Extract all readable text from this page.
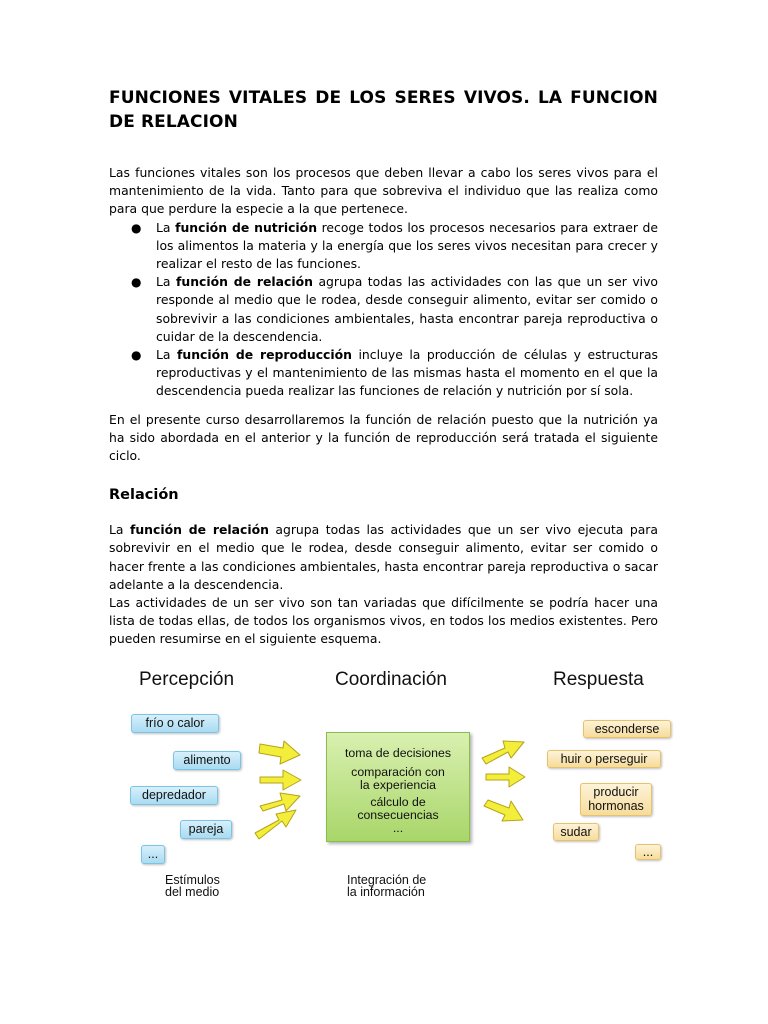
FUNCIONES VITALES DE LOS SERES VIVOS. LA FUNCION DE RELACION

Las funciones vitales son los procesos que deben llevar a cabo los seres vivos para el mantenimiento de la vida. Tanto para que sobreviva el individuo que las realiza como para que perdure la especie a la que pertenece.

● La función de nutrición recoge todos los procesos necesarios para extraer de los alimentos la materia y la energía que los seres vivos necesitan para crecer y realizar el resto de las funciones.
● La función de relación agrupa todas las actividades con las que un ser vivo responde al medio que le rodea, desde conseguir alimento, evitar ser comido o sobrevivir a las condiciones ambientales, hasta encontrar pareja reproductiva o cuidar de la descendencia.
● La función de reproducción incluye la producción de células y estructuras reproductivas y el mantenimiento de las mismas hasta el momento en el que la descendencia pueda realizar las funciones de relación y nutrición por sí sola.

En el presente curso desarrollaremos la función de relación puesto que la nutrición ya ha sido abordada en el anterior y la función de reproducción será tratada el siguiente ciclo.

Relación

La función de relación agrupa todas las actividades que un ser vivo ejecuta para sobrevivir en el medio que le rodea, desde conseguir alimento, evitar ser comido o hacer frente a las condiciones ambientales, hasta encontrar pareja reproductiva o sacar adelante a la descendencia.

Las actividades de un ser vivo son tan variadas que difícilmente se podría hacer una lista de todas ellas, de todos los organismos vivos, en todos los medios existentes. Pero pueden resumirse en el siguiente esquema.

Percepción	Coordinación	Respuesta
frío o calor
alimento
depredador
pareja
...
toma de decisiones
comparación con
la experiencia
cálculo de
consecuencias
...
esconderse
huir o perseguir
producir
hormonas
sudar
...
Estímulos
del medio
Integración de
la información
